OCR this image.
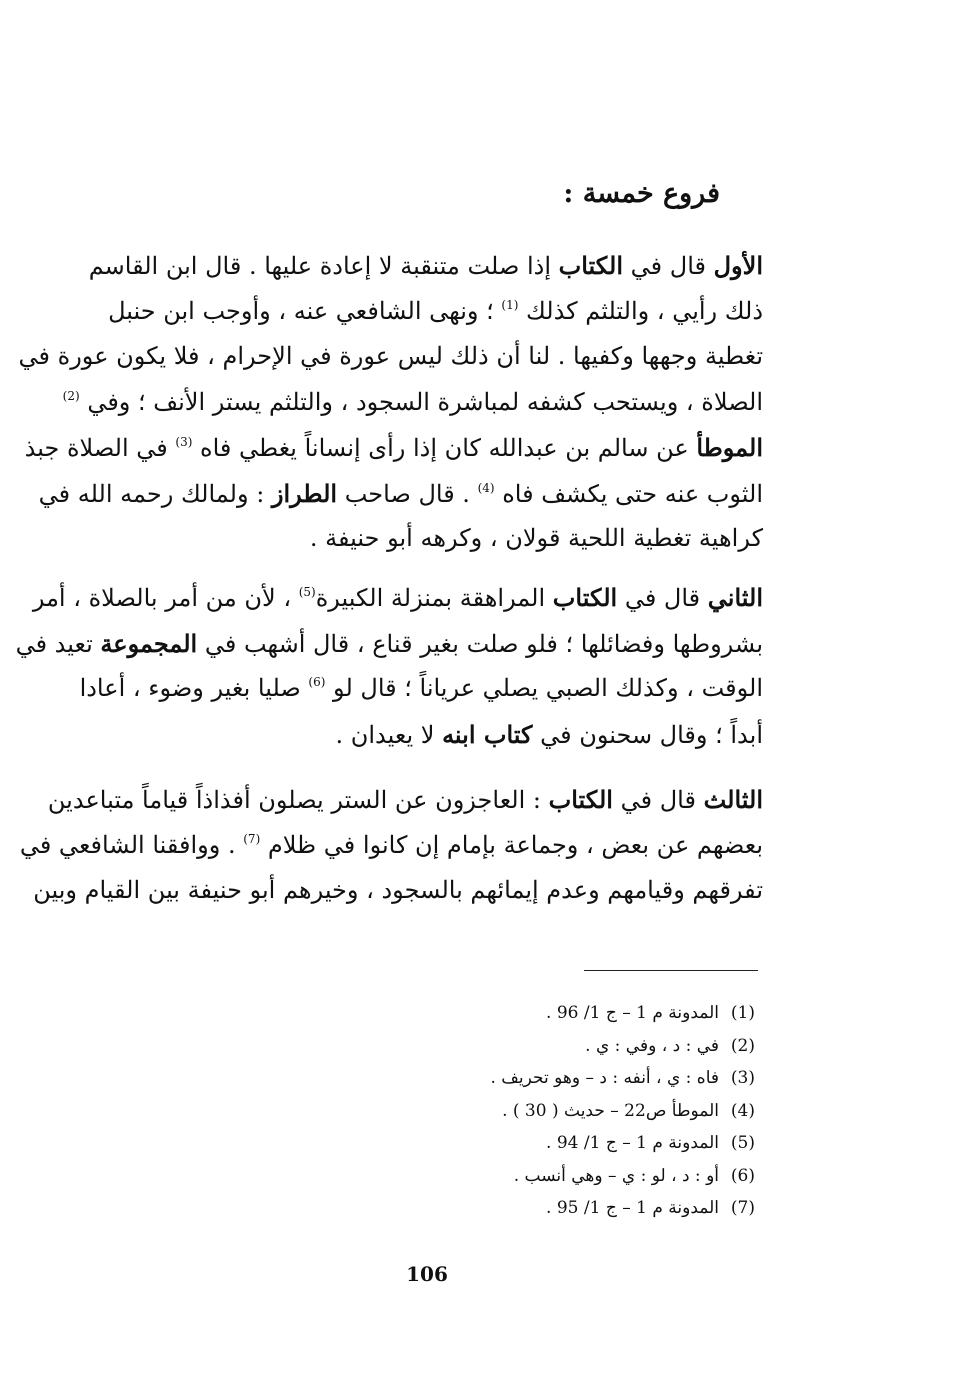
فروع خمسة :
الأول قال في الكتاب إذا صلت متنقبة لا إعادة عليها . قال ابن القاسم
ذلك رأيي ، والتلثم كذلك $^{(1)}$ ؛ ونهى الشافعي عنه ، وأوجب ابن حنبل
تغطية وجهها وكفيها . لنا أن ذلك ليس عورة في الإحرام ، فلا يكون عورة في
الصلاة ، ويستحب كشفه لمباشرة السجود ، والتلثم يستر الأنف ؛ وفي $^{(2)}$
الموطأ عن سالم بن عبدالله كان إذا رأى إنساناً يغطي فاه $^{(3)}$ في الصلاة جبذ
الثوب عنه حتى يكشف فاه $^{(4)}$ . قال صاحب الطراز : ولمالك رحمه الله في
كراهية تغطية اللحية قولان ، وكرهه أبو حنيفة .
الثاني قال في الكتاب المراهقة بمنزلة الكبيرة$^{(5)}$ ، لأن من أمر بالصلاة ، أمر
بشروطها وفضائلها ؛ فلو صلت بغير قناع ، قال أشهب في المجموعة تعيد في
الوقت ، وكذلك الصبي يصلي عرياناً ؛ قال لو $^{(6)}$ صليا بغير وضوء ، أعادا
أبداً ؛ وقال سحنون في كتاب ابنه لا يعيدان .
الثالث قال في الكتاب : العاجزون عن الستر يصلون أفذاذاً قياماً متباعدين
بعضهم عن بعض ، وجماعة بإمام إن كانوا في ظلام $^{(7)}$ . ووافقنا الشافعي في
تفرقهم وقيامهم وعدم إيمائهم بالسجود ، وخيرهم أبو حنيفة بين القيام وبين
(1)المدونة م 1 – ج 1/ 96 .
(2)في : د ، وفي : ي .
(3)فاه : ي ، أنفه : د – وهو تحريف .
(4)الموطأ ص22 – حديث ( 30 ) .
(5)المدونة م 1 – ج 1/ 94 .
(6)أو : د ، لو : ي – وهي أنسب .
(7)المدونة م 1 – ج 1/ 95 .
106
